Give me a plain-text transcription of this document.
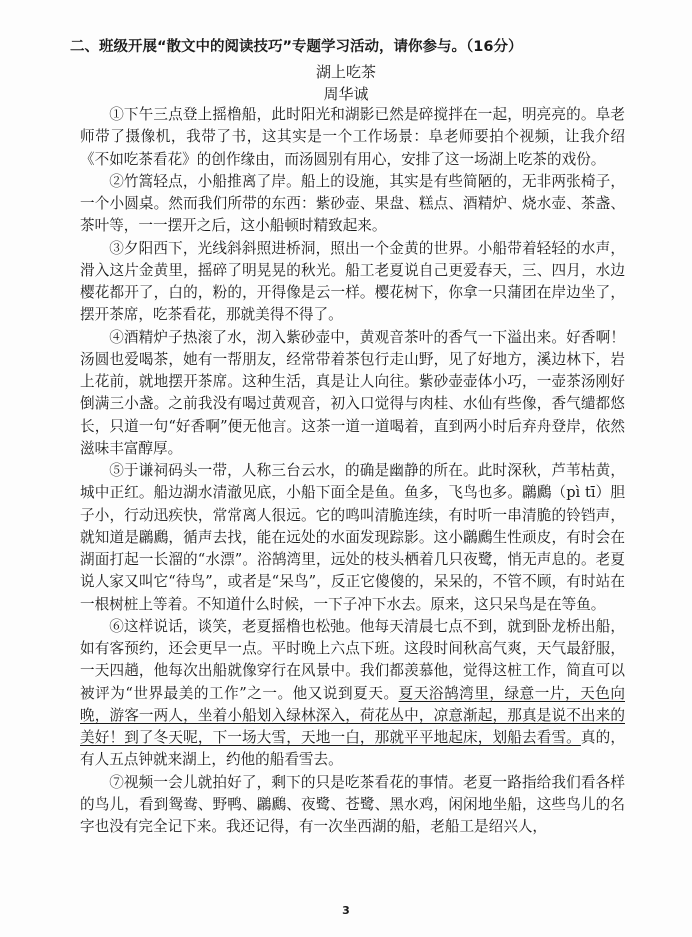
二、班级开展“散文中的阅读技巧”专题学习活动，请你参与。（16分）
湖上吃茶
周华诚

①下午三点登上摇橹船，此时阳光和湖影已然是碎搅拌在一起，明亮亮的。阜老师带了摄像机，我带了书，这其实是一个工作场景：阜老师要拍个视频，让我介绍《不如吃茶看花》的创作缘由，而汤圆别有用心，安排了这一场湖上吃茶的戏份。

②竹篙轻点，小船推离了岸。船上的设施，其实是有些简陋的，无非两张椅子，一个小圆桌。然而我们所带的东西：紫砂壶、果盘、糕点、酒精炉、烧水壶、茶盏、茶叶等，一一摆开之后，这小船顿时精致起来。

③夕阳西下，光线斜斜照进桥洞，照出一个金黄的世界。小船带着轻轻的水声，滑入这片金黄里，摇碎了明晃晃的秋光。船工老夏说自己更爱春天，三、四月，水边樱花都开了，白的，粉的，开得像是云一样。樱花树下，你拿一只蒲团在岸边坐了，摆开茶席，吃茶看花，那就美得不得了。

④酒精炉子热滚了水，沏入紫砂壶中，黄观音茶叶的香气一下溢出来。好香啊！汤圆也爱喝茶，她有一帮朋友，经常带着茶包行走山野，见了好地方，溪边林下，岩上花前，就地摆开茶席。这种生活，真是让人向往。紫砂壶壶体小巧，一壶茶汤刚好倒满三小盏。之前我没有喝过黄观音，初入口觉得与肉桂、水仙有些像，香气缱都悠长，只道一句“好香啊”便无他言。这茶一道一道喝着，直到两小时后弃舟登岸，依然滋味丰富醇厚。

⑤于谦祠码头一带，人称三台云水，的确是幽静的所在。此时深秋，芦苇枯黄，城中正红。船边湖水清澈见底，小船下面全是鱼。鱼多，飞鸟也多。鸊鷉（pì tī）胆子小，行动迅疾快，常常离人很远。它的鸣叫清脆连续，有时听一串清脆的铃铛声，就知道是鸊鷉，循声去找，能在远处的水面发现踪影。这小鸊鷉生性顽皮，有时会在湖面打起一长溜的“水漂”。浴鹄湾里，远处的枝头栖着几只夜鹭，悄无声息的。老夏说人家又叫它“待鸟”，或者是“呆鸟”，反正它傻傻的，呆呆的，不管不顾，有时站在一根树桩上等着。不知道什么时候，一下子冲下水去。原来，这只呆鸟是在等鱼。

⑥这样说话，谈笑，老夏摇橹也松弛。他每天清晨七点不到，就到卧龙桥出船，如有客预约，还会更早一点。平时晚上六点下班。这段时间秋高气爽，天气最舒服，一天四趟，他每次出船就像穿行在风景中。我们都羡慕他，觉得这桩工作，简直可以被评为“世界最美的工作”之一。他又说到夏天。夏天浴鹄湾里，绿意一片，天色向晚，游客一两人，坐着小船划入绿林深入，荷花丛中，凉意渐起，那真是说不出来的美好！到了冬天呢，下一场大雪，天地一白，那就平平地起床，划船去看雪。真的，有人五点钟就来湖上，约他的船看雪去。

⑦视频一会儿就拍好了，剩下的只是吃茶看花的事情。老夏一路指给我们看各样的鸟儿，看到鸳鸯、野鸭、鸊鷉、夜鹭、苍鹭、黑水鸡，闲闲地坐船，这些鸟儿的名字也没有完全记下来。我还记得，有一次坐西湖的船，老船工是绍兴人，

3
